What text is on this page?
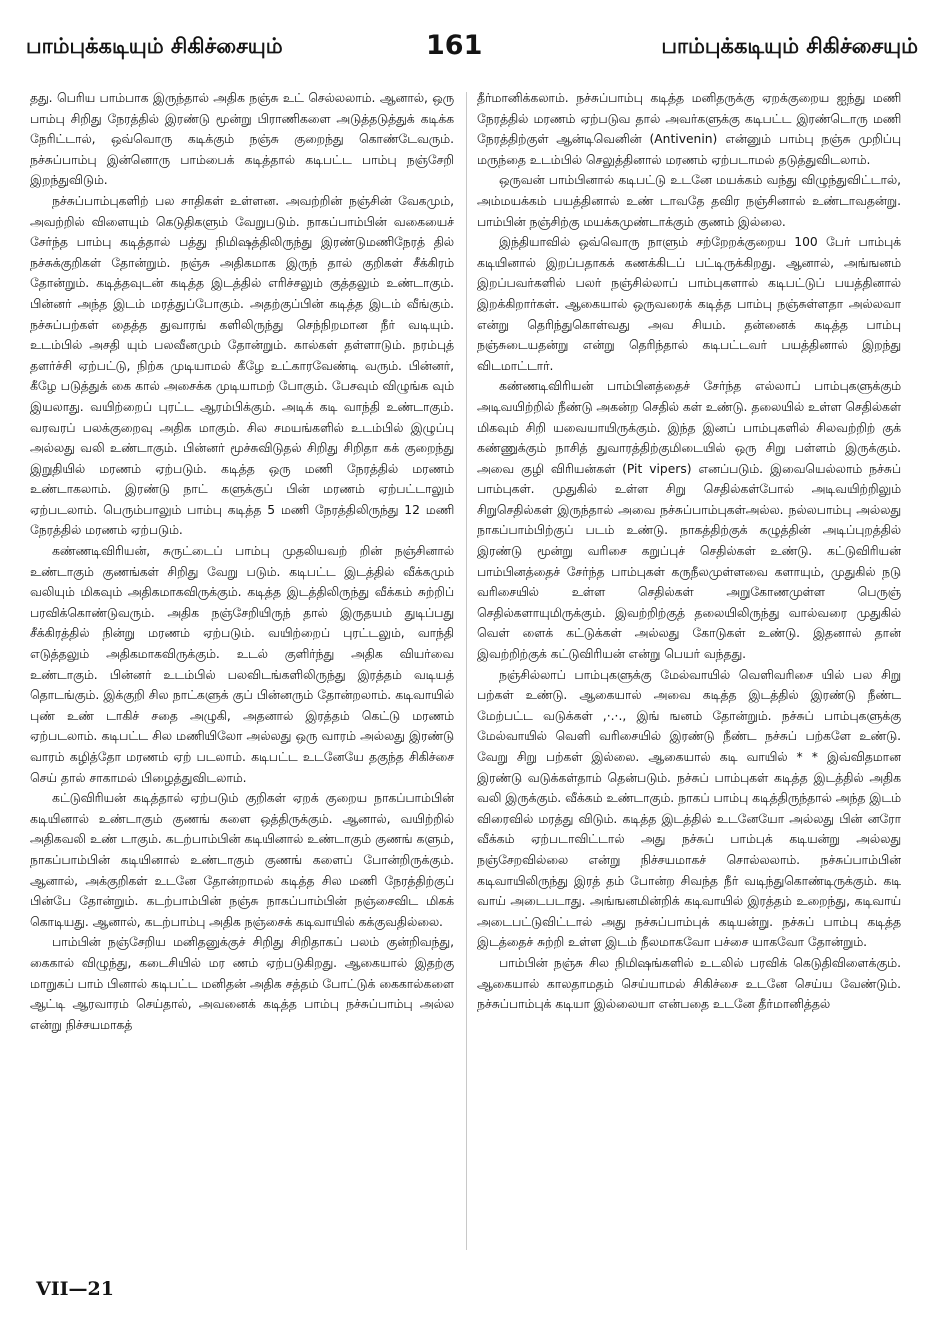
பாம்புக்கடியும் சிகிச்சையும்	161	பாம்புக்கடியும் சிகிச்சையும்

தது. பெரிய பாம்பாக இருந்தால் அதிக நஞ்சு உட் செல்லலாம். ஆனால், ஒரு பாம்பு சிறிது நேரத்தில் இரண்டு மூன்று பிராணிகளை அடுத்தடுத்துக் கடிக்க நேரிட்டால், ஒவ்வொரு கடிக்கும் நஞ்சு குறைந்து கொண்டேவரும். நச்சுப்பாம்பு இன்னொரு பாம்பைக் கடித்தால் கடிபட்ட பாம்பு நஞ்சேறி இறந்துவிடும்.

நச்சுப்பாம்புகளிற் பல சாதிகள் உள்ளன. அவற்றின் நஞ்சின் வேகமும், அவற்றில் விளையும் கெடுதிகளும் வேறுபடும். நாகப்பாம்பின் வகையைச் சேர்ந்த பாம்பு கடித்தால் பத்து நிமிஷத்திலிருந்து இரண்டுமணிநேரத் தில் நச்சுக்குறிகள் தோன்றும். நஞ்சு அதிகமாக இருந் தால் குறிகள் சீக்கிரம் தோன்றும். கடித்தவுடன் கடித்த இடத்தில் எரிச்சலும் குத்தலும் உண்டாகும். பின்னர் அந்த இடம் மரத்துப்போகும். அதற்குப்பின் கடித்த இடம் வீங்கும். நச்சுப்பற்கள் தைத்த துவாரங் களிலிருந்து செந்நிறமான நீர் வடியும். உடம்பில் அசதி யும் பலவீனமும் தோன்றும். கால்கள் தள்ளாடும். நரம்புத் தளர்ச்சி ஏற்பட்டு, நிற்க முடியாமல் கீழே உட்காரவேண்டி வரும். பின்னர், கீழே படுத்துக் கை கால் அசைக்க முடியாமற் போகும். பேசவும் விழுங்க வும் இயலாது. வயிற்றைப் புரட்ட ஆரம்பிக்கும். அடிக் கடி வாந்தி உண்டாகும். வரவரப் பலக்குறைவு அதிக மாகும். சில சமயங்களில் உடம்பில் இழுப்பு அல்லது வலி உண்டாகும். பின்னர் மூச்சுவிடுதல் சிறிது சிறிதா கக் குறைந்து இறுதியில் மரணம் ஏற்படும். கடித்த ஒரு மணி நேரத்தில் மரணம் உண்டாகலாம். இரண்டு நாட் களுக்குப் பின் மரணம் ஏற்பட்டாலும் ஏற்படலாம். பெரும்பாலும் பாம்பு கடித்த 5 மணி நேரத்திலிருந்து 12 மணி நேரத்தில் மரணம் ஏற்படும்.

கண்ணடிவிரியன், சுருட்டைப் பாம்பு முதலியவற் றின் நஞ்சினால் உண்டாகும் குணங்கள் சிறிது வேறு படும். கடிபட்ட இடத்தில் வீக்கமும் வலியும் மிகவும் அதிகமாகவிருக்கும். கடித்த இடத்திலிருந்து வீக்கம் சுற்றிப் பரவிக்கொண்டுவரும். அதிக நஞ்சேறியிருந் தால் இருதயம் துடிப்பது சீக்கிரத்தில் நின்று மரணம் ஏற்படும். வயிற்றைப் புரட்டலும், வாந்தி எடுத்தலும் அதிகமாகவிருக்கும். உடல் குளிர்ந்து அதிக வியர்வை உண்டாகும். பின்னர் உடம்பில் பலவிடங்களிலிருந்து இரத்தம் வடியத் தொடங்கும். இக்குறி சில நாட்களுக் குப் பின்னரும் தோன்றலாம். கடிவாயில் புண் உண் டாகிச் சதை அழுகி, அதனால் இரத்தம் கெட்டு மரணம் ஏற்படலாம். கடிபட்ட சில மணியிலோ அல்லது ஒரு வாரம் அல்லது இரண்டு வாரம் கழித்தோ மரணம் ஏற் படலாம். கடிபட்ட உடனேயே தகுந்த சிகிச்சை செய் தால் சாகாமல் பிழைத்துவிடலாம்.

கட்டுவிரியன் கடித்தால் ஏற்படும் குறிகள் ஏறக் குறைய நாகப்பாம்பின் கடியினால் உண்டாகும் குணங் களை ஒத்திருக்கும். ஆனால், வயிற்றில் அதிகவலி உண் டாகும். கடற்பாம்பின் கடியினால் உண்டாகும் குணங் களும், நாகப்பாம்பின் கடியினால் உண்டாகும் குணங் களைப் போன்றிருக்கும். ஆனால், அக்குறிகள் உடனே தோன்றாமல் கடித்த சில மணி நேரத்திற்குப் பின்பே தோன்றும். கடற்பாம்பின் நஞ்சு நாகப்பாம்பின் நஞ்சைவிட மிகக் கொடியது. ஆனால், கடற்பாம்பு அதிக நஞ்சைக் கடிவாயில் கக்குவதில்லை.

பாம்பின் நஞ்சேறிய மனிதனுக்குச் சிறிது சிறிதாகப் பலம் குன்றிவந்து, கைகால் விழுந்து, கடைசியில் மர ணம் ஏற்படுகிறது. ஆகையால் இதற்கு மாறுகப் பாம் பினால் கடிபட்ட மனிதன் அதிக சத்தம் போட்டுக் கைகால்களை ஆட்டி ஆரவாரம் செய்தால், அவனைக் கடித்த பாம்பு நச்சுப்பாம்பு அல்ல என்று நிச்சயமாகத்

தீர்மானிக்கலாம். நச்சுப்பாம்பு கடித்த மனிதருக்கு ஏறக்குறைய ஐந்து மணி நேரத்தில் மரணம் ஏற்படுவ தால் அவர்களுக்கு கடிபட்ட இரண்டொரு மணி நேரத்திற்குள் ஆன்டிவெனின் (Antivenin) என்னும் பாம்பு நஞ்சு முறிப்பு மருந்தை உடம்பில் செலுத்தினால் மரணம் ஏற்படாமல் தடுத்துவிடலாம்.

ஒருவன் பாம்பினால் கடிபட்டு உடனே மயக்கம் வந்து விழுந்துவிட்டால், அம்மயக்கம் பயத்தினால் உண் டாவதே தவிர நஞ்சினால் உண்டாவதன்று. பாம்பின் நஞ்சிற்கு மயக்கமுண்டாக்கும் குணம் இல்லை.

இந்தியாவில் ஒவ்வொரு நாளும் சற்றேறக்குறைய 100 பேர் பாம்புக் கடியினால் இறப்பதாகக் கணக்கிடப் பட்டிருக்கிறது. ஆனால், அங்ஙனம் இறப்பவர்களில் பலர் நஞ்சில்லாப் பாம்புகளால் கடிபட்டுப் பயத்தினால் இறக்கிறார்கள். ஆகையால் ஒருவரைக் கடித்த பாம்பு நஞ்சுள்ளதா அல்லவா என்று தெரிந்துகொள்வது அவ சியம். தன்னைக் கடித்த பாம்பு நஞ்சுடையதன்று என்று தெரிந்தால் கடிபட்டவர் பயத்தினால் இறந்து விடமாட்டார்.

கண்ணடிவிரியன் பாம்பினத்தைச் சேர்ந்த எல்லாப் பாம்புகளுக்கும் அடிவயிற்றில் நீண்டு அகன்ற செதில் கள் உண்டு. தலையில் உள்ள செதில்கள் மிகவும் சிறி யவையாயிருக்கும். இந்த இனப் பாம்புகளில் சிலவற்றிற் குக் கண்ணுக்கும் நாசித் துவாரத்திற்குமிடையில் ஒரு சிறு பள்ளம் இருக்கும். அவை குழி விரியன்கள் (Pit vipers) எனப்படும். இவையெல்லாம் நச்சுப் பாம்புகள். முதுகில் உள்ள சிறு செதில்கள்போல் அடிவயிற்றிலும் சிறுசெதில்கள் இருந்தால் அவை நச்சுப்பாம்புகள்அல்ல. நல்லபாம்பு அல்லது நாகப்பாம்பிற்குப் படம் உண்டு. நாகத்திற்குக் கழுத்தின் அடிப்புறத்தில் இரண்டு மூன்று வரிசை கறுப்புச் செதில்கள் உண்டு. கட்டுவிரியன் பாம்பினத்தைச் சேர்ந்த பாம்புகள் கருநீலமுள்ளவை களாயும், முதுகில் நடு வரிசையில் உள்ள செதில்கள் அறுகோணமுள்ள பெருஞ் செதில்களாயுமிருக்கும். இவற்றிற்குத் தலையிலிருந்து வால்வரை முதுகில் வெள் ளைக் கட்டுக்கள் அல்லது கோடுகள் உண்டு. இதனால் தான் இவற்றிற்குக் கட்டுவிரியன் என்று பெயர் வந்தது.

நஞ்சில்லாப் பாம்புகளுக்கு மேல்வாயில் வெளிவரிசை யில் பல சிறு பற்கள் உண்டு. ஆகையால் அவை கடித்த இடத்தில் இரண்டு நீண்ட மேற்பட்ட வடுக்கள் ,·.·., இங் ஙனம் தோன்றும். நச்சுப் பாம்புகளுக்கு மேல்வாயில் வெளி வரிசையில் இரண்டு நீண்ட நச்சுப் பற்களே உண்டு. வேறு சிறு பற்கள் இல்லை. ஆகையால் கடி வாயில் * * இவ்விதமான இரண்டு வடுக்கள்தாம் தென்படும். நச்சுப் பாம்புகள் கடித்த இடத்தில் அதிக வலி இருக்கும். வீக்கம் உண்டாகும். நாகப் பாம்பு கடித்திருந்தால் அந்த இடம் விரைவில் மரத்து விடும். கடித்த இடத்தில் உடனேயோ அல்லது பின் னரோ வீக்கம் ஏற்படாவிட்டால் அது நச்சுப் பாம்புக் கடியன்று அல்லது நஞ்சேறவில்லை என்று நிச்சயமாகச் சொல்லலாம். நச்சுப்பாம்பின் கடிவாயிலிருந்து இரத் தம் போன்ற சிவந்த நீர் வடிந்துகொண்டிருக்கும். கடி வாய் அடைபடாது. அங்ஙனமின்றிக் கடிவாயில் இரத்தம் உறைந்து, கடிவாய் அடைபட்டுவிட்டால் அது நச்சுப்பாம்புக் கடியன்று. நச்சுப் பாம்பு கடித்த இடத்தைச் சுற்றி உள்ள இடம் நீலமாகவோ பச்சை யாகவோ தோன்றும்.

பாம்பின் நஞ்சு சில நிமிஷங்களில் உடலில் பரவிக் கெடுதிவிளைக்கும். ஆகையால் காலதாமதம் செய்யாமல் சிகிச்சை உடனே செய்ய வேண்டும். நச்சுப்பாம்புக் கடியா இல்லையா என்பதை உடனே தீர்மானித்தல்

VII—21
